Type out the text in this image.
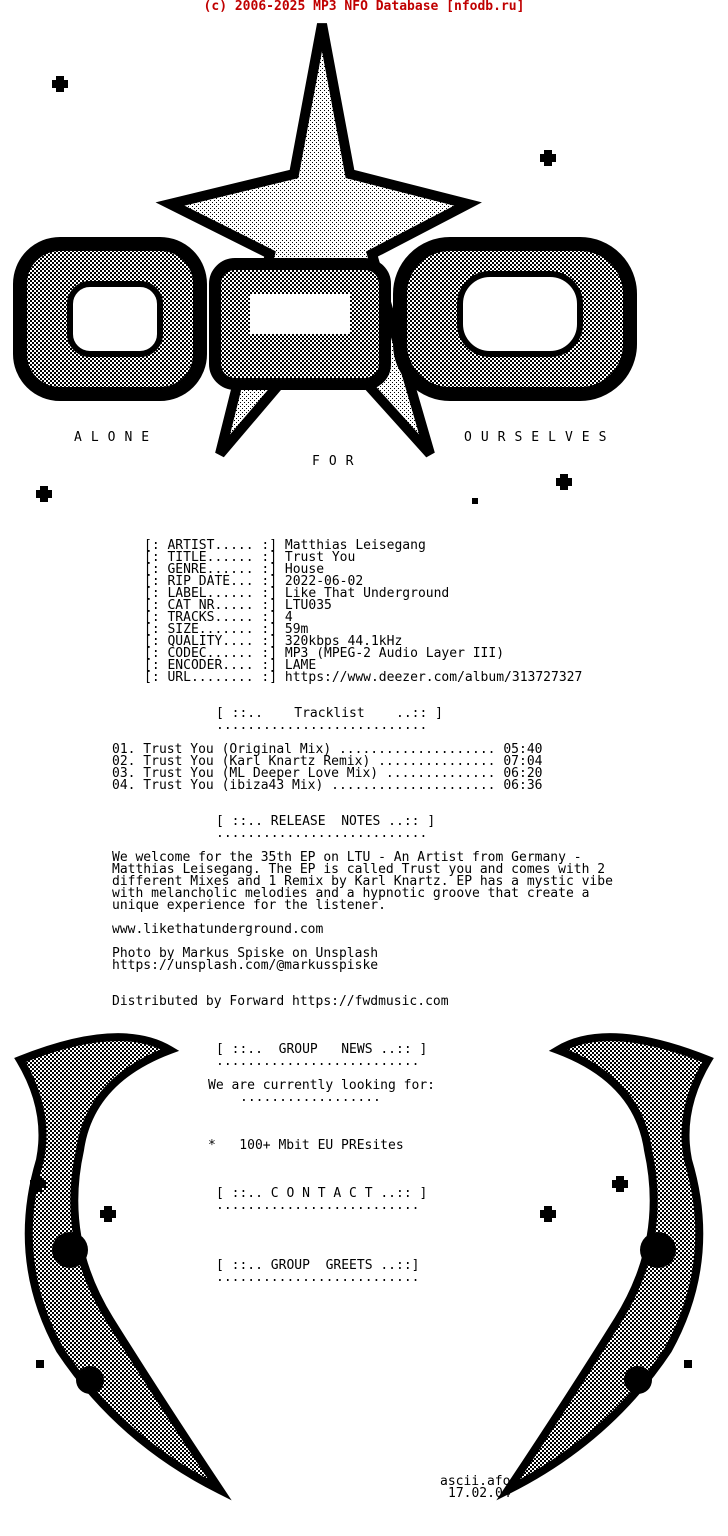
(c) 2006-2025 MP3 NFO Database [nfodb.ru]
ALONE
FOR
OURSELVES
[: ARTIST..... :] Matthias Leisegang
[: TITLE...... :] Trust You
[: GENRE...... :] House
[: RIP DATE... :] 2022-06-02
[: LABEL...... :] Like That Underground
[: CAT NR..... :] LTU035
[: TRACKS..... :] 4
[: SIZE....... :] 59m
[: QUALITY.... :] 320kbps 44.1kHz
[: CODEC...... :] MP3 (MPEG-2 Audio Layer III)
[: ENCODER.... :] LAME
[: URL........ :] https://www.deezer.com/album/313727327
[ ::..    Tracklist    ..:: ]
...........................
01. Trust You (Original Mix) .................... 05:40
02. Trust You (Karl Knartz Remix) ............... 07:04
03. Trust You (ML Deeper Love Mix) .............. 06:20
04. Trust You (ibiza43 Mix) ..................... 06:36
[ ::.. RELEASE  NOTES ..:: ]
...........................
We welcome for the 35th EP on LTU - An Artist from Germany -
Matthias Leisegang. The EP is called Trust you and comes with 2
different Mixes and 1 Remix by Karl Knartz. EP has a mystic vibe
with melancholic melodies and a hypnotic groove that create a
unique experience for the listener.
www.likethatunderground.com
Photo by Markus Spiske on Unsplash
https://unsplash.com/@markusspiske
Distributed by Forward https://fwdmusic.com
[ ::..  GROUP   NEWS ..:: ]
..........................
We are currently looking for:
..................
*   100+ Mbit EU PREsites
[ ::.. C O N T A C T ..:: ]
..........................
[ ::.. GROUP  GREETS ..::]
..........................
ascii.afo
17.02.04
